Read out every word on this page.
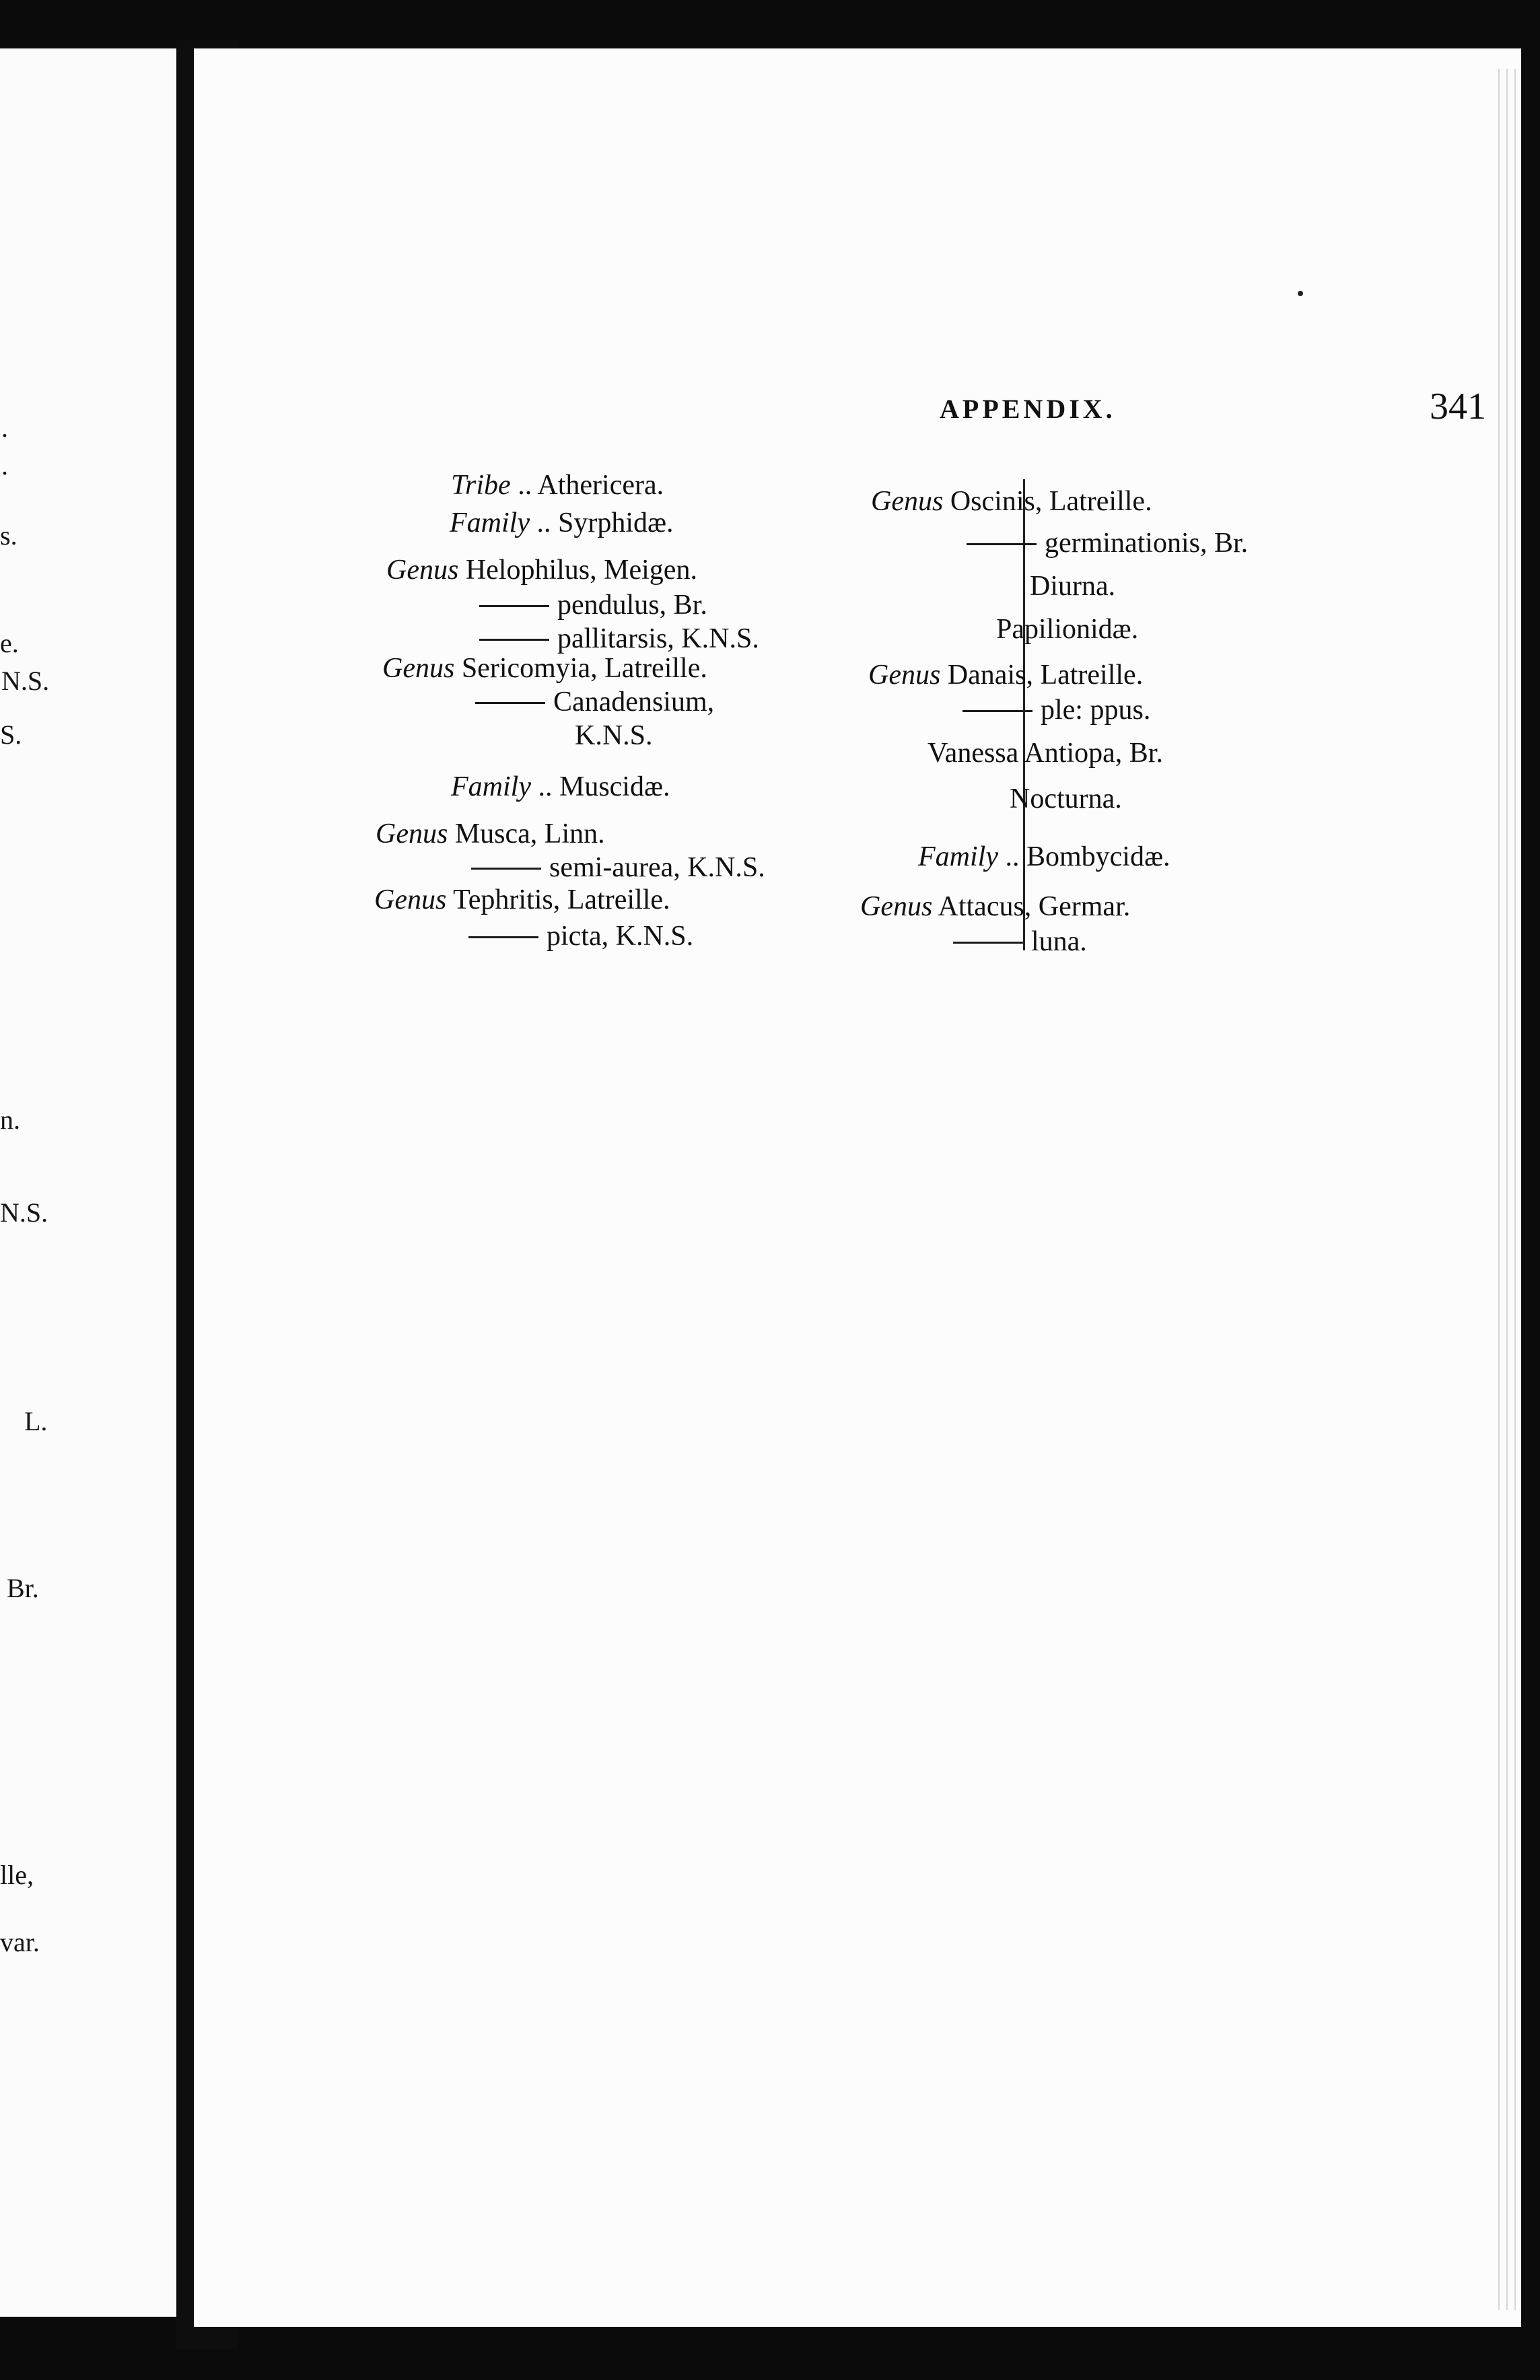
.
.
s.
e.
N.S.
S.
n.
N.S.
L.
Br.
lle,
var.
APPENDIX.	341
Tribe .. Athericera.
Family .. Syrphidæ.
Genus Helophilus, Meigen.
pendulus, Br.
pallitarsis, K.N.S.
Genus Sericomyia, Latreille.
Canadensium,
K.N.S.
Family .. Muscidæ.
Genus Musca, Linn.
semi-aurea, K.N.S.
Genus Tephritis, Latreille.
picta, K.N.S.
Genus Oscinis, Latreille.
germinationis, Br.
Diurna.
Papilionidæ.
Genus Danais, Latreille.
ple: ppus.
Vanessa Antiopa, Br.
Nocturna.
Family .. Bombycidæ.
Genus Attacus, Germar.
luna.
